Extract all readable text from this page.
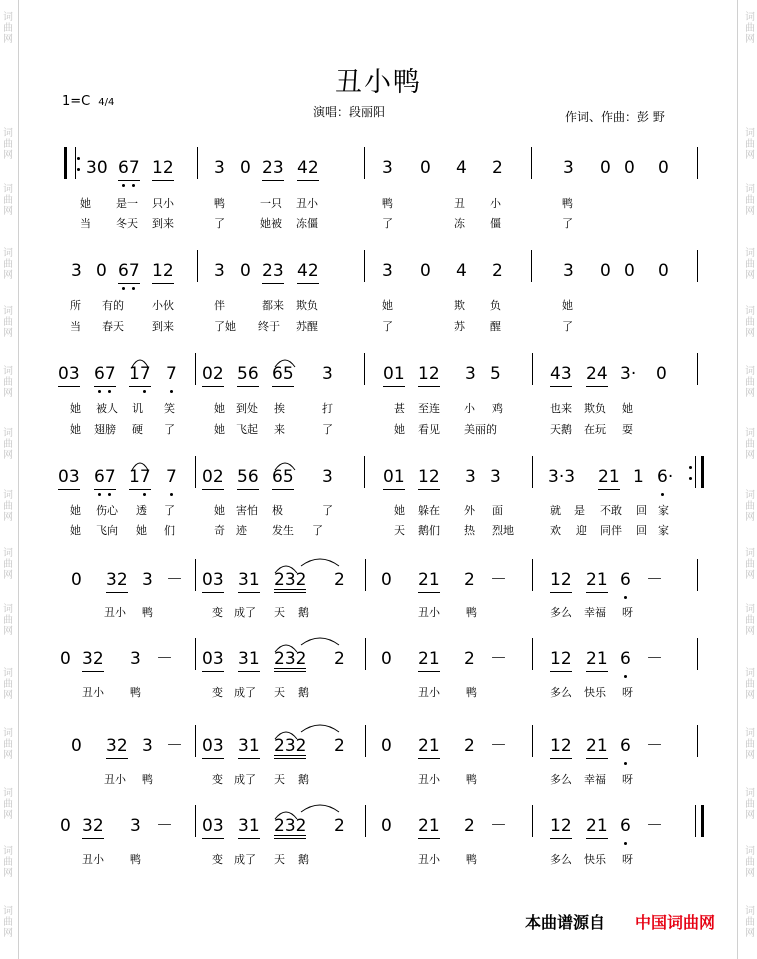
词
曲
网
词
曲
网
词
曲
网
词
曲
网
词
曲
网
词
曲
网
词
曲
网
词
曲
网
词
曲
网
词
曲
网
词
曲
网
词
曲
网
词
曲
网
词
曲
网
词
曲
网
词
曲
网
词
曲
网
词
曲
网
词
曲
网
词
曲
网
词
曲
网
词
曲
网
词
曲
网
词
曲
网
词
曲
网
词
曲
网
词
曲
网
词
曲
网
词
曲
网
词
曲
网
丑小鸭
1=C 4/4
演唱：段丽阳	作词、作曲：彭 野
30 67 12 3 0 23 42	3 0 4 2	3 0 0 0
她 是一 只小	鸭	一只 丑小	鸭	丑 小	鸭
当 冬天 到来	了	她被 冻僵	了	冻 僵	了
3 0 67 12 3 0 23 42	3 0 4 2	3 0 0 0
所 有的	小伙	伴	都来 欺负	她	欺 负	她
当 春天	到来	了她 终于 苏醒	了	苏 醒	了
03 67 17 7 02 56 65 3	01 12 3 5	43 24 3· 0
她 被人 讥 笑	她 到处 挨	打	甚 至连 小 鸡	也来 欺负 她
她 翅膀 硬 了	她 飞起 来	了	她 看见 美丽的	天鹅 在玩 耍
03 67 17 7 02 56 65 3	01 12 3 3	3·3 21 1 6·
她 伤心 透 了	她 害怕 极	了	她 躲在 外 面	就 是 不敢 回 家
她 飞向 她 们	奇 迹 发生 了	天 鹅们 热 烈地	欢 迎 同伴 回 家
0 32 3 － 03 31 232 2 0 21 2 －	12 21 6 －
丑小 鸭	变 成了 天 鹅	丑小 鸭	多么 幸福 呀
0 32 3 － 03 31 232 2 0 21 2 －	12 21 6 －
丑小 鸭	变 成了 天 鹅	丑小 鸭	多么 快乐 呀
0 32 3 － 03 31 232 2 0 21 2 －	12 21 6 －
丑小 鸭	变 成了 天 鹅	丑小 鸭	多么 幸福 呀
0 32 3 － 03 31 232 2 0 21 2 －	12 21 6 －
丑小 鸭	变 成了 天 鹅	丑小 鸭	多么 快乐 呀
本曲谱源自 中国词曲网
